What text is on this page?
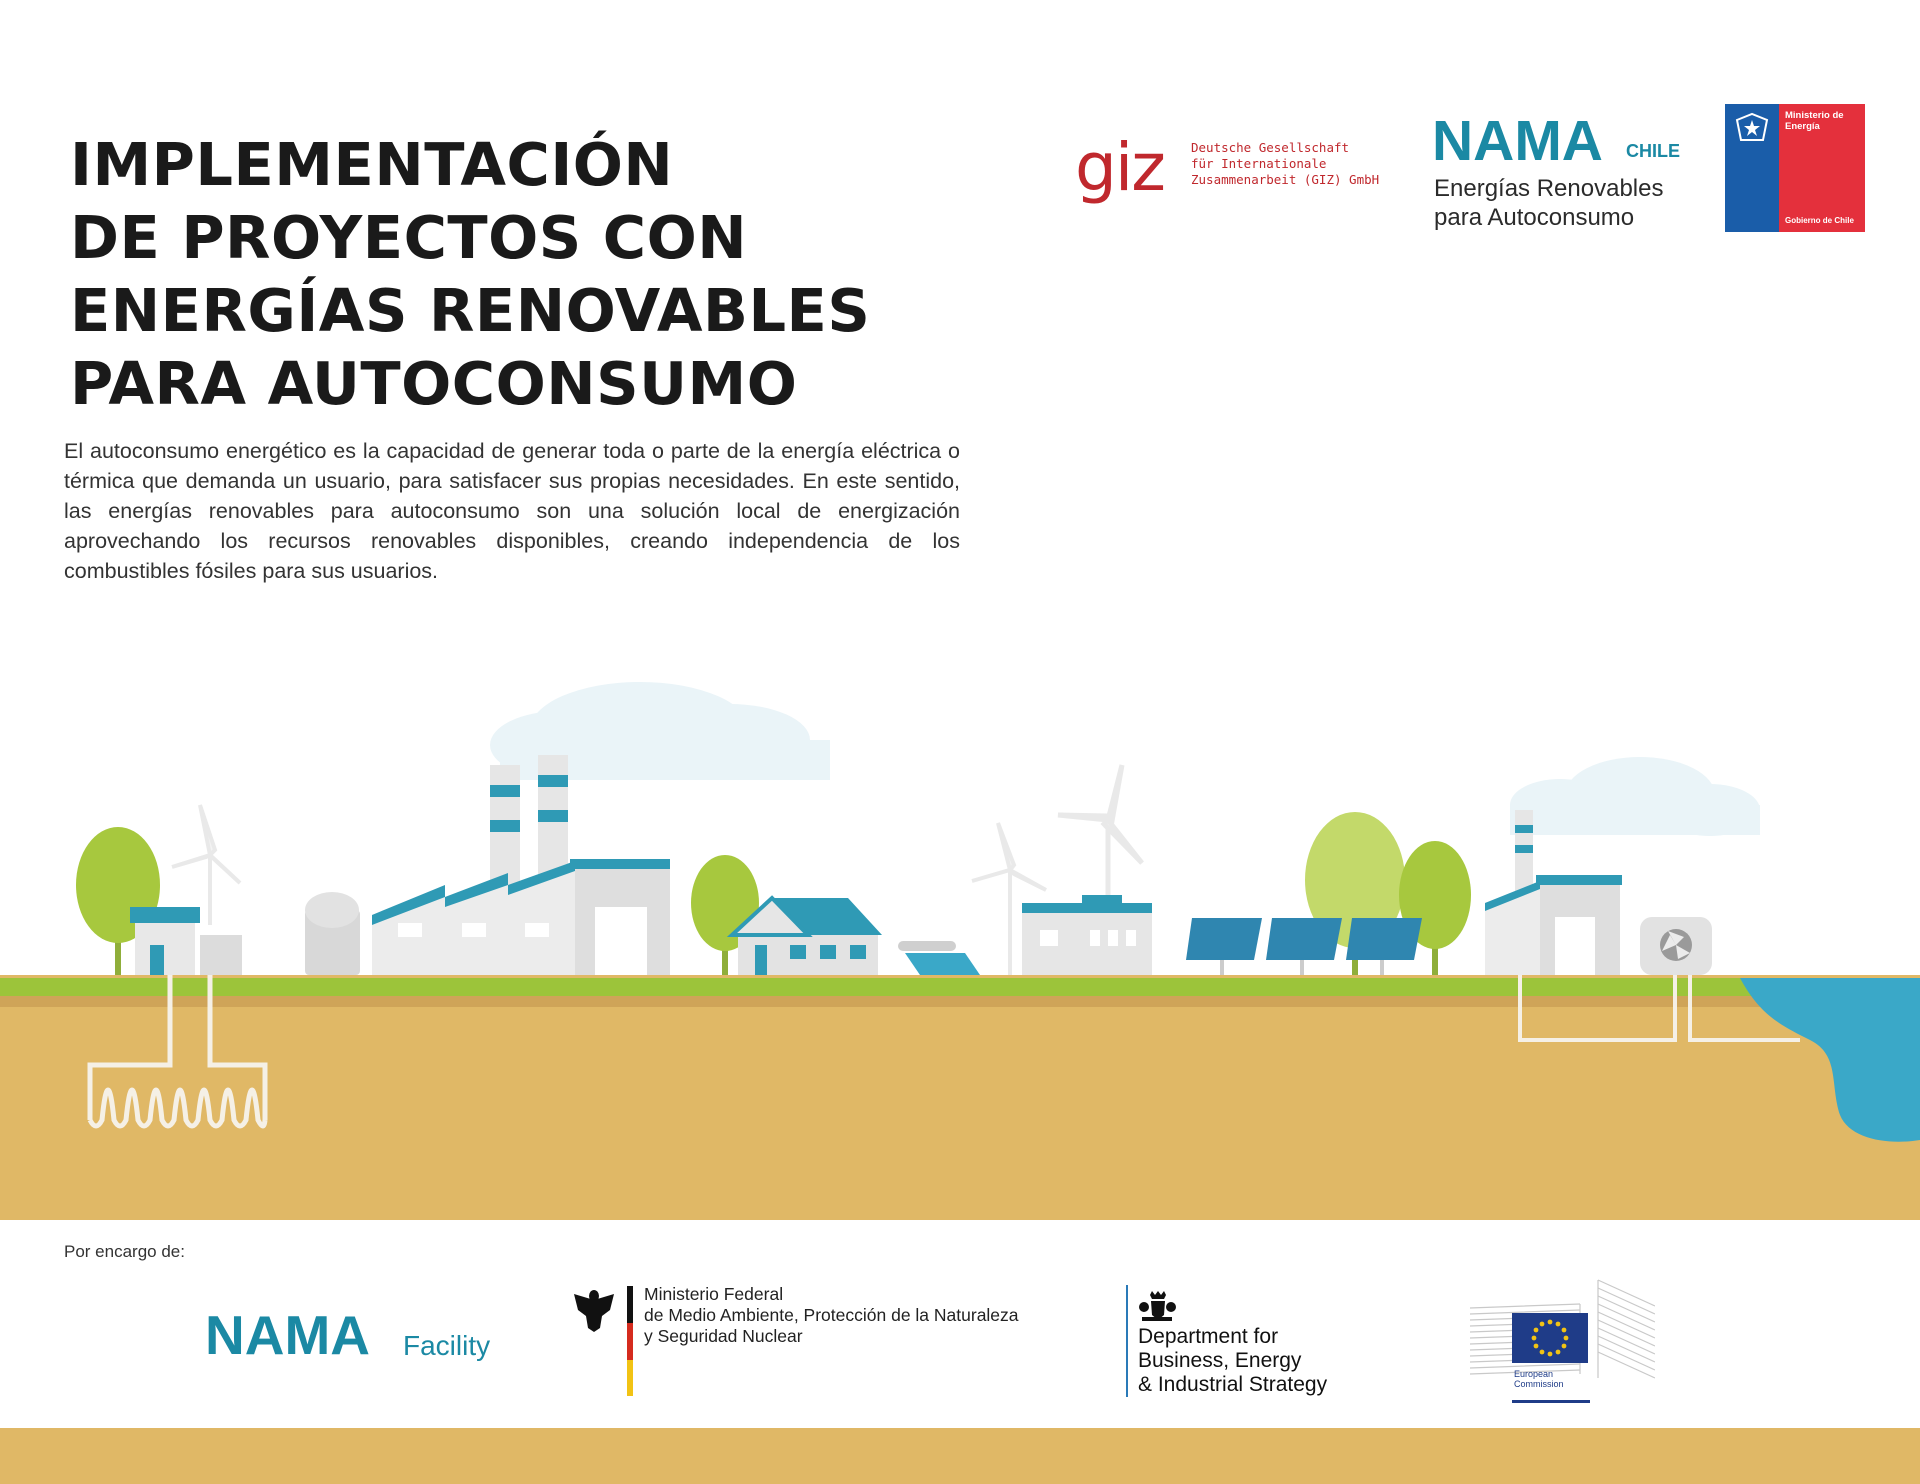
IMPLEMENTACIÓN
DE PROYECTOS CON
ENERGÍAS RENOVABLES
PARA AUTOCONSUMO

El autoconsumo energético es la capacidad de generar toda o parte de la energía eléctrica o térmica que demanda un usuario, para satisfacer sus propias necesidades. En este sentido, las energías renovables para autoconsumo son una solución local de energización aprovechando los recursos renovables disponibles, creando independencia de los combustibles fósiles para sus usuarios.

giz Deutsche Gesellschaft
für Internationale
Zusammenarbeit (GIZ) GmbH
NAMA CHILE
Energías Renovables
para Autoconsumo
Ministerio de
Energía
Gobierno de Chile

Por encargo de:

NAMA Facility
Ministerio Federal
de Medio Ambiente, Protección de la Naturaleza
y Seguridad Nuclear	Department for
Business, Energy
& Industrial Strategy	European
Commission
